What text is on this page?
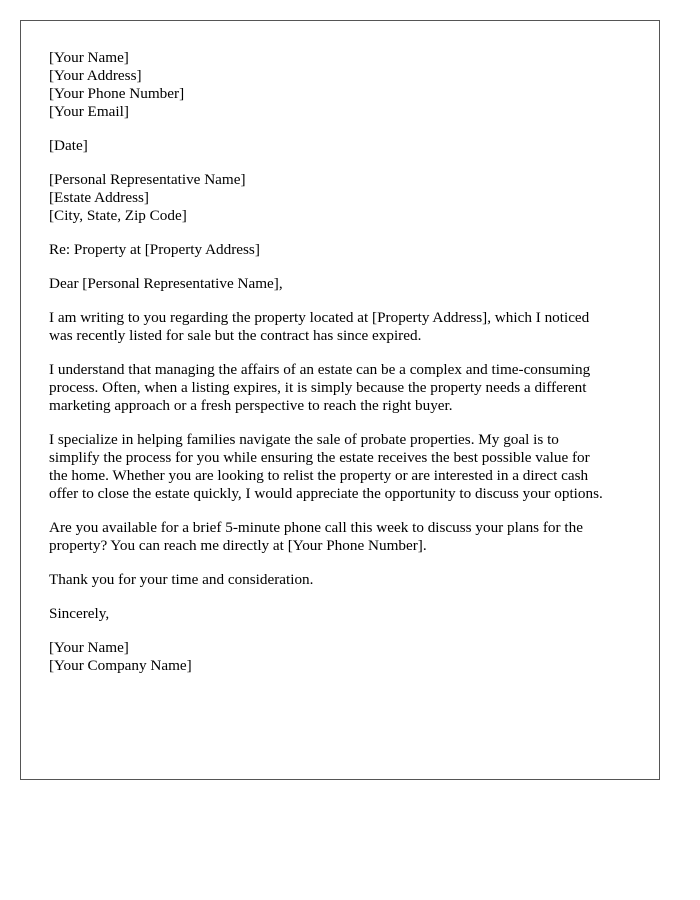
[Your Name]
[Your Address]
[Your Phone Number]
[Your Email]
[Date]
[Personal Representative Name]
[Estate Address]
[City, State, Zip Code]
Re: Property at [Property Address]
Dear [Personal Representative Name],

I am writing to you regarding the property located at [Property Address], which I noticed
was recently listed for sale but the contract has since expired.

I understand that managing the affairs of an estate can be a complex and time-consuming
process. Often, when a listing expires, it is simply because the property needs a different
marketing approach or a fresh perspective to reach the right buyer.

I specialize in helping families navigate the sale of probate properties. My goal is to
simplify the process for you while ensuring the estate receives the best possible value for
the home. Whether you are looking to relist the property or are interested in a direct cash
offer to close the estate quickly, I would appreciate the opportunity to discuss your options.

Are you available for a brief 5-minute phone call this week to discuss your plans for the
property? You can reach me directly at [Your Phone Number].

Thank you for your time and consideration.

Sincerely,
[Your Name]
[Your Company Name]
